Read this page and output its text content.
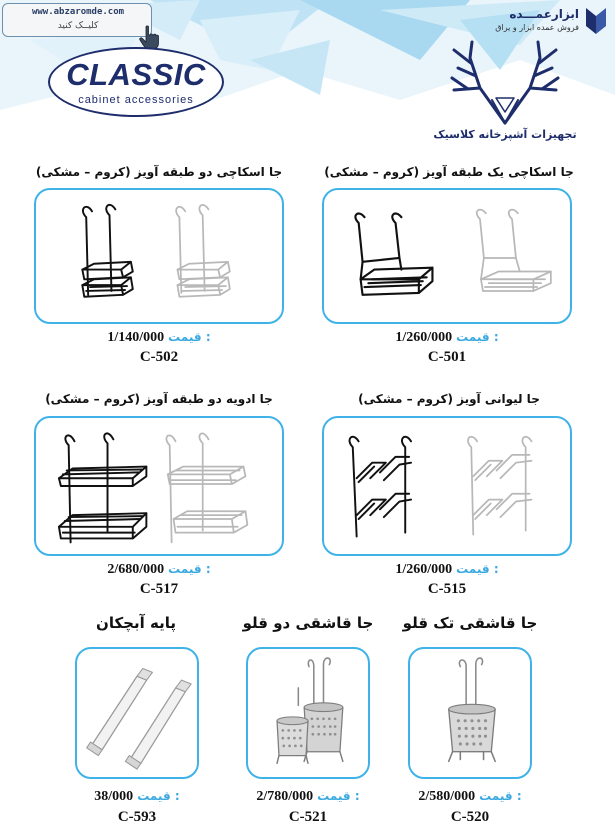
www.abzaromde.com
کلیــک کنید
CLASSIC
cabinet accessories
ابزارعمـــده
فروش عمده ابزار و یراق
تجهیزات آشپزخانه کلاسیک
جا اسکاچی یک طبقه آویز (کروم – مشکی)
1/260/000 قیمت :
C-501
جا اسکاچی دو طبقه آویز (کروم – مشکی)
1/140/000 قیمت :
C-502
جا لیوانی آویز (کروم – مشکی)
1/260/000 قیمت :
C-515
جا ادویه دو طبقه آویز (کروم – مشکی)
2/680/000 قیمت :
C-517
جا قاشقی تک قلو
2/580/000 قیمت :
C-520
جا قاشقی دو قلو
2/780/000 قیمت :
C-521
پایه آبچکان
38/000 قیمت :
C-593
